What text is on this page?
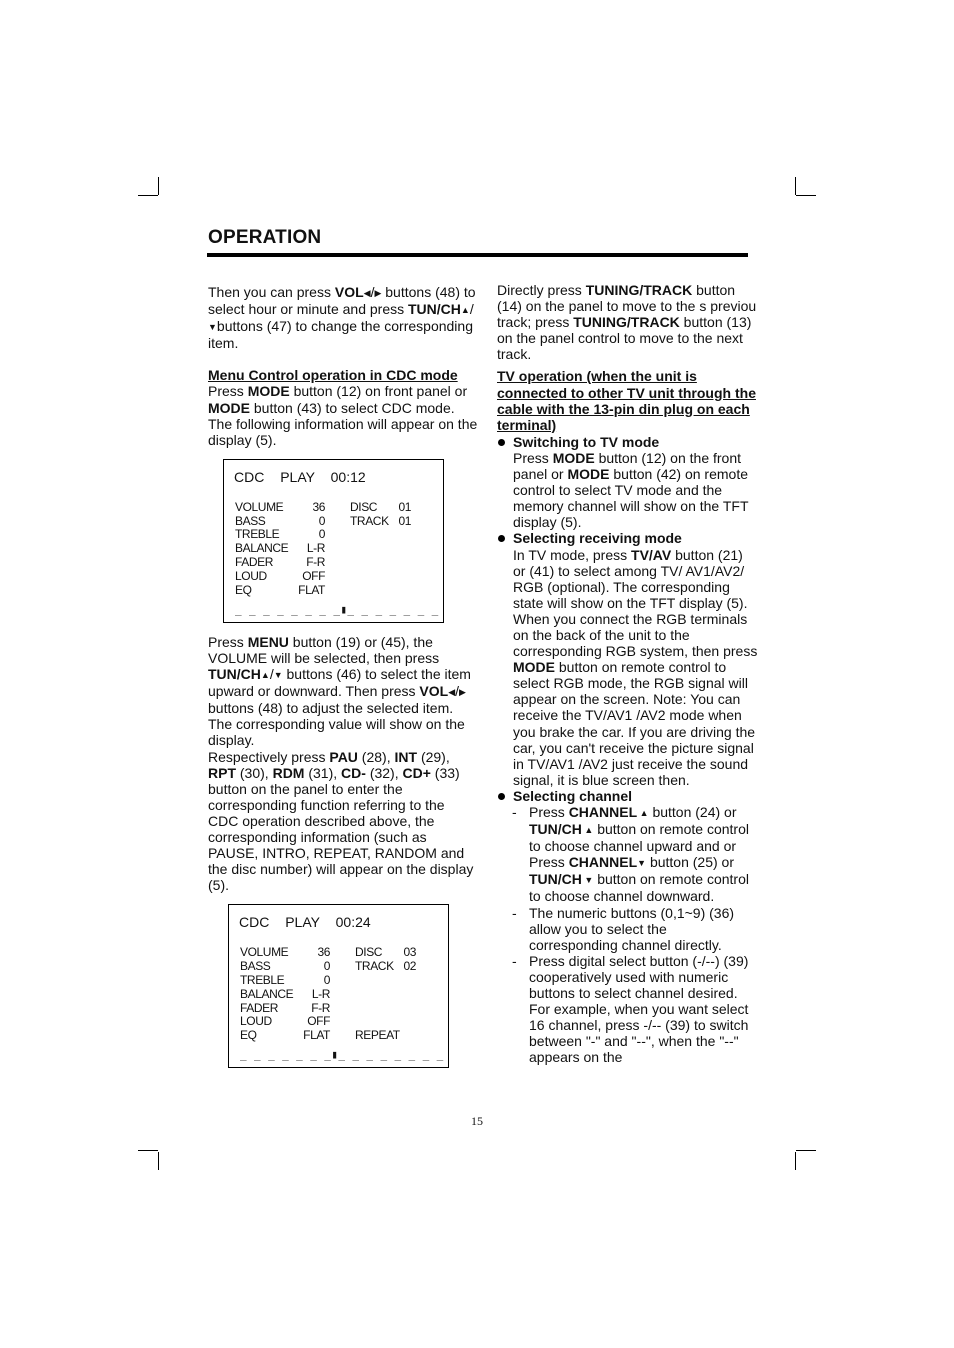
OPERATION

Then you can press VOL◀/▶ buttons (48) to select hour or minute and press TUN/CH▲/▼buttons (47) to change the corresponding item.

Menu Control operation in CDC mode

Press MODE button (12) on front panel or MODE button (43) to select CDC mode. The following information will appear on the display (5).

CDC PLAY 00:12
VOLUME 36 DISC 01
BASS	0 TRACK 01
TREBLE	0
BALANCE L-R
FADER	F-R
LOUD	OFF
EQ	FLAT
_ _ _ _ _ _ _ _▮_ _ _ _ _ _ _

Press MENU button (19) or (45), the VOLUME will be selected, then press TUN/CH▲/▼ buttons (46) to select the item upward or downward. Then press VOL◀/▶ buttons (48) to adjust the selected item. The corresponding value will show on the display.

Respectively press PAU (28), INT (29), RPT (30), RDM (31), CD- (32), CD+ (33) button on the panel to enter the corresponding function referring to the CDC operation described above, the corresponding information (such as PAUSE, INTRO, REPEAT, RANDOM and the disc number) will appear on the display (5).

CDC PLAY 00:24
VOLUME 36 DISC 03
BASS	0 TRACK 02
TREBLE	0
BALANCE L-R
FADER	F-R
LOUD	OFF
EQ	FLAT REPEAT
_ _ _ _ _ _ _▮_ _ _ _ _ _ _ _

Directly press TUNING/TRACK button (14) on the panel to move to the s previou track; press TUNING/TRACK button (13) on the panel control to move to the next track.

TV operation (when the unit is connected to other TV unit through the cable with the 13-pin din plug on each terminal)

Switching to TV mode
Press MODE button (12) on the front panel or MODE button (42) on remote control to select TV mode and the memory channel will show on the TFT display (5).
Selecting receiving mode
In TV mode, press TV/AV button (21) or (41) to select among TV/ AV1/AV2/ RGB (optional). The corresponding state will show on the TFT display (5). When you connect the RGB terminals on the back of the unit to the corresponding RGB system, then press MODE button on remote control to select RGB mode, the RGB signal will appear on the screen. Note: You can receive the TV/AV1 /AV2 mode when you brake the car. If you are driving the car, you can't receive the picture signal in TV/AV1 /AV2 just receive the sound signal, it is blue screen then.
Selecting channel
- Press CHANNEL ▲ button (24) or TUN/CH ▲ button on remote control to choose channel upward and or Press CHANNEL▼ button (25) or TUN/CH ▼ button on remote control to choose channel downward.
- The numeric buttons (0,1~9) (36) allow you to select the corresponding channel directly.
- Press digital select button (-/--) (39) cooperatively used with numeric buttons to select channel desired. For example, when you want select 16 channel, press -/-- (39) to switch between "-" and "--", when the "--" appears on the
15
